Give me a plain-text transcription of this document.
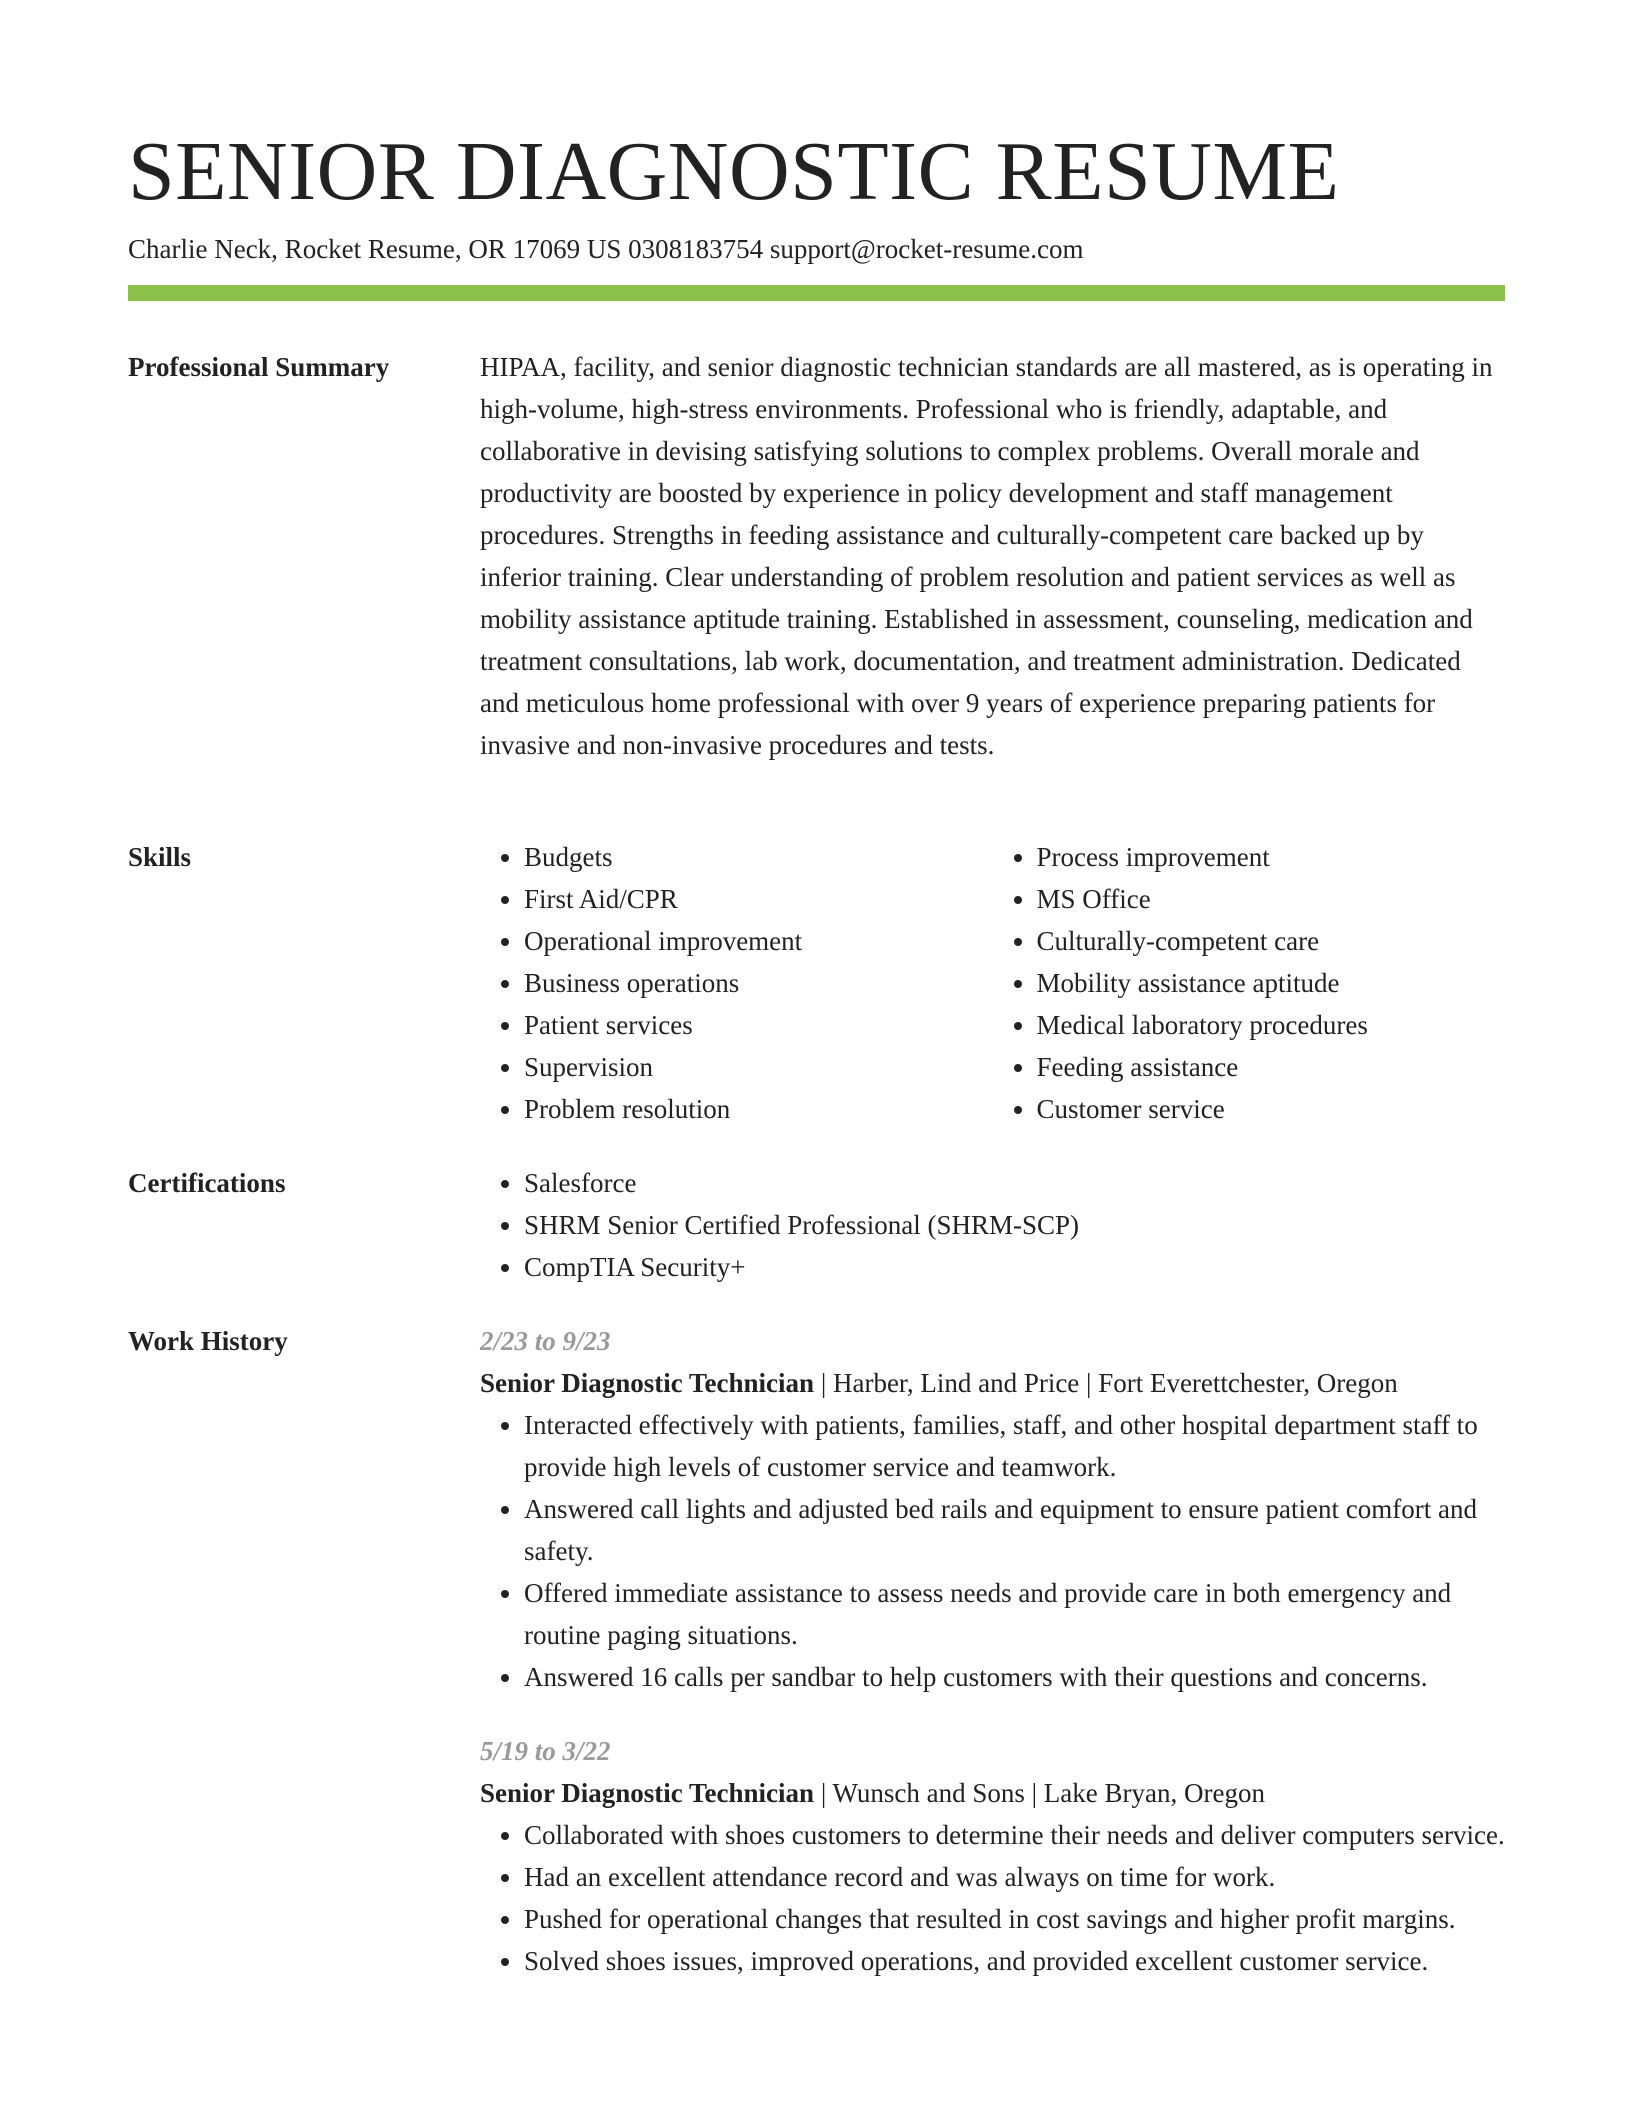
SENIOR DIAGNOSTIC RESUME
Charlie Neck, Rocket Resume, OR 17069 US 0308183754 support@rocket-resume.com
Professional Summary	HIPAA, facility, and senior diagnostic technician standards are all mastered, as is operating in high-volume, high-stress environments. Professional who is friendly, adaptable, and collaborative in devising satisfying solutions to complex problems. Overall morale and productivity are boosted by experience in policy development and staff management procedures. Strengths in feeding assistance and culturally-competent care backed up by inferior training. Clear understanding of problem resolution and patient services as well as mobility assistance aptitude training. Established in assessment, counseling, medication and treatment consultations, lab work, documentation, and treatment administration. Dedicated and meticulous home professional with over 9 years of experience preparing patients for invasive and non-invasive procedures and tests.

Skills	• Budgets
• First Aid/CPR
• Operational improvement
• Business operations
• Patient services
• Supervision
• Problem resolution
• Process improvement
• MS Office
• Culturally-competent care
• Mobility assistance aptitude
• Medical laboratory procedures
• Feeding assistance
• Customer service
Certifications	• Salesforce
• SHRM Senior Certified Professional (SHRM-SCP)
• CompTIA Security+
Work History	2/23 to 9/23
Senior Diagnostic Technician | Harber, Lind and Price | Fort Everettchester, Oregon
• Interacted effectively with patients, families, staff, and other hospital department staff to provide high levels of customer service and teamwork.
• Answered call lights and adjusted bed rails and equipment to ensure patient comfort and safety.
• Offered immediate assistance to assess needs and provide care in both emergency and routine paging situations.
• Answered 16 calls per sandbar to help customers with their questions and concerns.
5/19 to 3/22
Senior Diagnostic Technician | Wunsch and Sons | Lake Bryan, Oregon
• Collaborated with shoes customers to determine their needs and deliver computers service.
• Had an excellent attendance record and was always on time for work.
• Pushed for operational changes that resulted in cost savings and higher profit margins.
• Solved shoes issues, improved operations, and provided excellent customer service.
